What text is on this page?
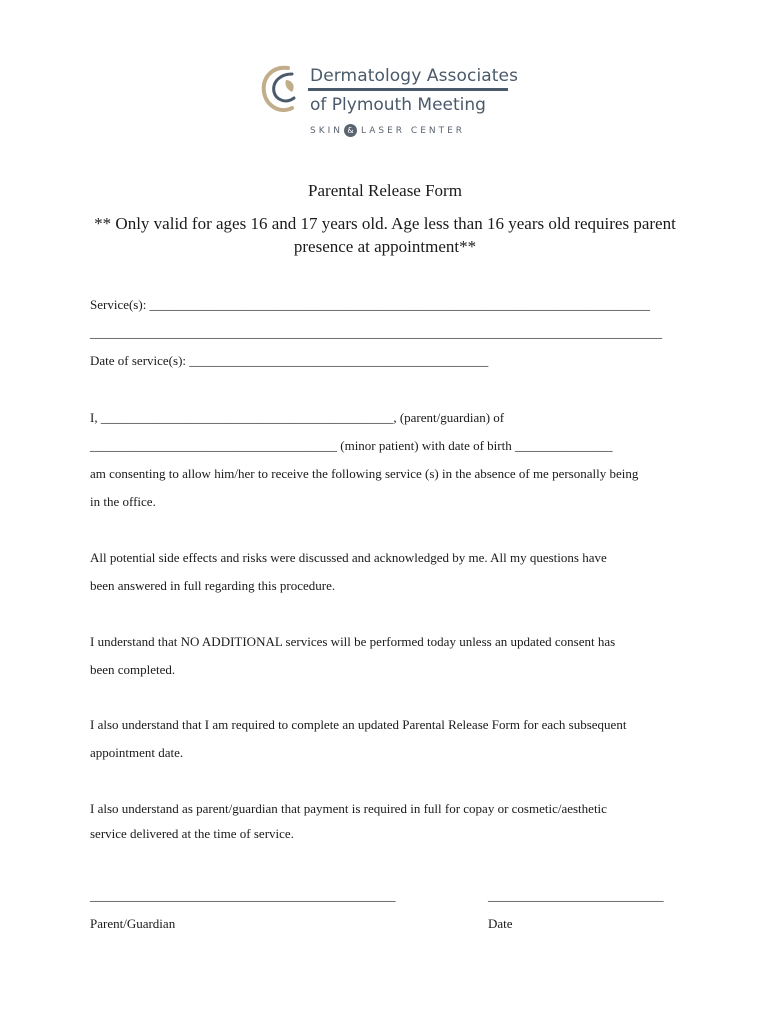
Dermatology Associates
of Plymouth Meeting
SKIN & LASER CENTER
Parental Release Form
** Only valid for ages 16 and 17 years old. Age less than 16 years old requires parent presence at appointment**
Service(s): _____________________________________________________________________________
________________________________________________________________________________________
Date of service(s): ______________________________________________
I, _____________________________________________, (parent/guardian) of
______________________________________ (minor patient) with date of birth _______________
am consenting to allow him/her to receive the following service (s) in the absence of me personally being
in the office.
All potential side effects and risks were discussed and acknowledged by me. All my questions have
been answered in full regarding this procedure.
I understand that NO ADDITIONAL services will be performed today unless an updated consent has
been completed.
I also understand that I am required to complete an updated Parental Release Form for each subsequent
appointment date.
I also understand as parent/guardian that payment is required in full for copay or cosmetic/aesthetic
service delivered at the time of service.
_______________________________________________	___________________________
Parent/Guardian	Date
